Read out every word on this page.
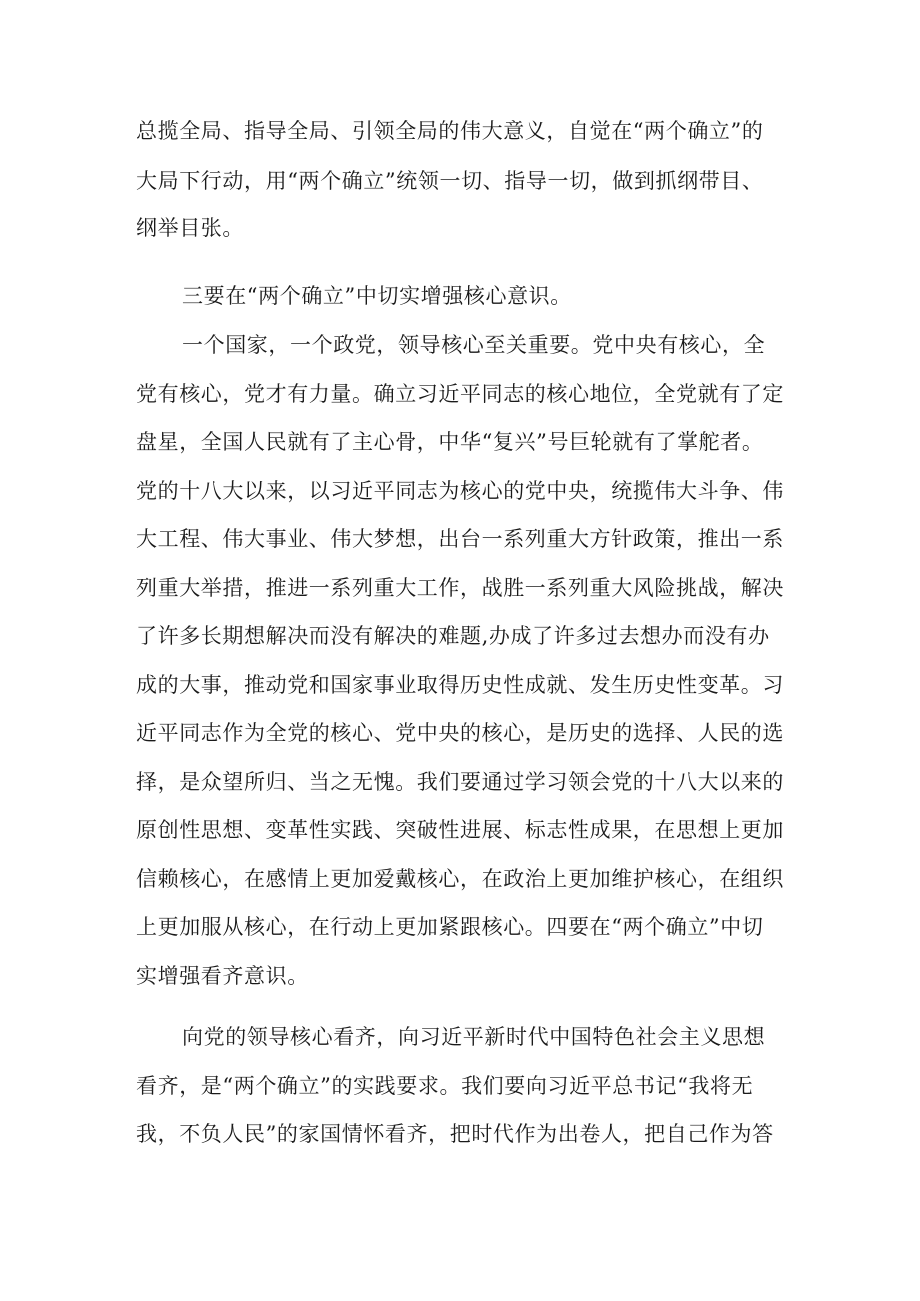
总揽全局、指导全局、引领全局的伟大意义，自觉在“两个确立”的
大局下行动，用“两个确立”统领一切、指导一切，做到抓纲带目、
纲举目张。
三要在“两个确立”中切实增强核心意识。
一个国家，一个政党，领导核心至关重要。党中央有核心，全
党有核心，党才有力量。确立习近平同志的核心地位，全党就有了定
盘星，全国人民就有了主心骨，中华“复兴”号巨轮就有了掌舵者。
党的十八大以来，以习近平同志为核心的党中央，统揽伟大斗争、伟
大工程、伟大事业、伟大梦想，出台一系列重大方针政策，推出一系
列重大举措，推进一系列重大工作，战胜一系列重大风险挑战，解决
了许多长期想解决而没有解决的难题,办成了许多过去想办而没有办
成的大事，推动党和国家事业取得历史性成就、发生历史性变革。习
近平同志作为全党的核心、党中央的核心，是历史的选择、人民的选
择，是众望所归、当之无愧。我们要通过学习领会党的十八大以来的
原创性思想、变革性实践、突破性进展、标志性成果，在思想上更加
信赖核心，在感情上更加爱戴核心，在政治上更加维护核心，在组织
上更加服从核心，在行动上更加紧跟核心。四要在“两个确立”中切
实增强看齐意识。
向党的领导核心看齐，向习近平新时代中国特色社会主义思想
看齐，是“两个确立”的实践要求。我们要向习近平总书记“我将无
我，不负人民”的家国情怀看齐，把时代作为出卷人，把自己作为答
